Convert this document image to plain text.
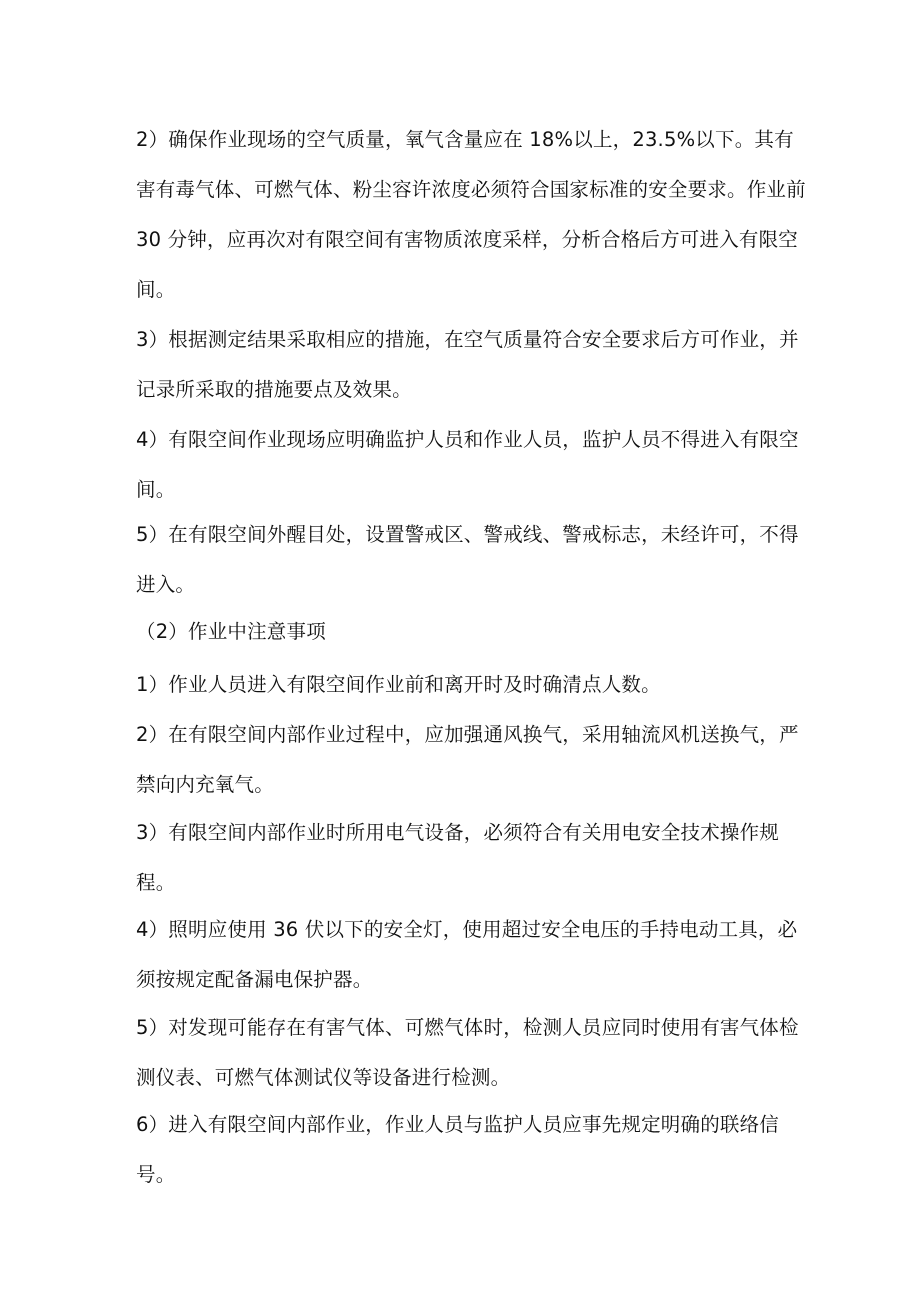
2）确保作业现场的空气质量，氧气含量应在 18%以上，23.5%以下。其有害有毒气体、可燃气体、粉尘容许浓度必须符合国家标准的安全要求。作业前 30 分钟，应再次对有限空间有害物质浓度采样，分析合格后方可进入有限空间。

3）根据测定结果采取相应的措施，在空气质量符合安全要求后方可作业，并记录所采取的措施要点及效果。

4）有限空间作业现场应明确监护人员和作业人员，监护人员不得进入有限空间。

5）在有限空间外醒目处，设置警戒区、警戒线、警戒标志，未经许可，不得进入。

（2）作业中注意事项

1）作业人员进入有限空间作业前和离开时及时确清点人数。

2）在有限空间内部作业过程中，应加强通风换气，采用轴流风机送换气，严禁向内充氧气。

3）有限空间内部作业时所用电气设备，必须符合有关用电安全技术操作规程。

4）照明应使用 36 伏以下的安全灯，使用超过安全电压的手持电动工具，必须按规定配备漏电保护器。

5）对发现可能存在有害气体、可燃气体时，检测人员应同时使用有害气体检测仪表、可燃气体测试仪等设备进行检测。

6）进入有限空间内部作业，作业人员与监护人员应事先规定明确的联络信号。
